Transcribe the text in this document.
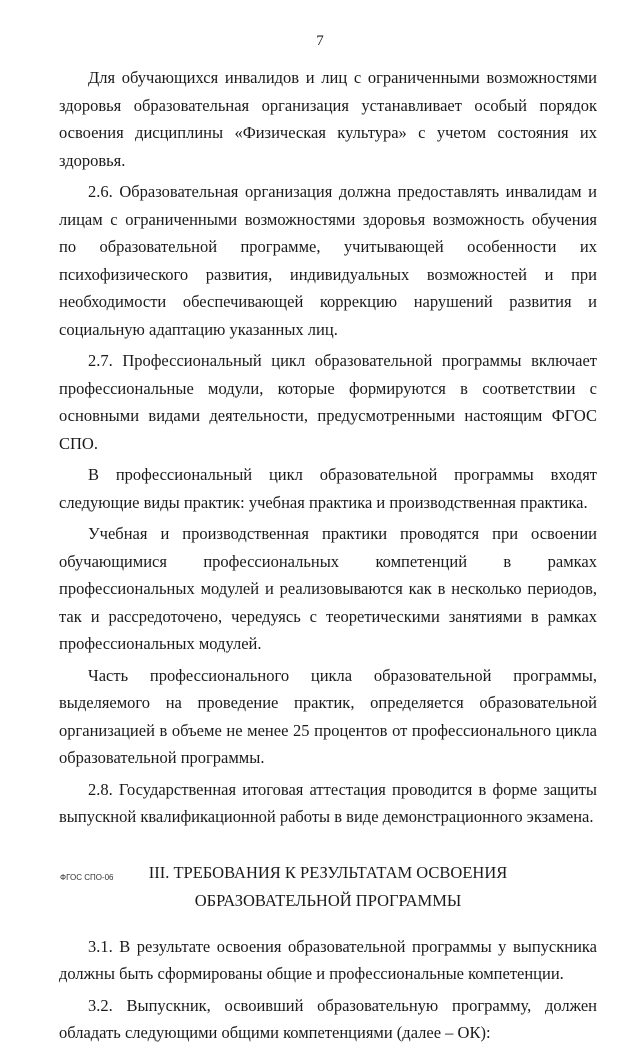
7

Для обучающихся инвалидов и лиц с ограниченными возможностями здоровья образовательная организация устанавливает особый порядок освоения дисциплины «Физическая культура» с учетом состояния их здоровья.

2.6. Образовательная организация должна предоставлять инвалидам и лицам с ограниченными возможностями здоровья возможность обучения по образовательной программе, учитывающей особенности их психофизического развития, индивидуальных возможностей и при необходимости обеспечивающей коррекцию нарушений развития и социальную адаптацию указанных лиц.

2.7. Профессиональный цикл образовательной программы включает профессиональные модули, которые формируются в соответствии с основными видами деятельности, предусмотренными настоящим ФГОС СПО.

В профессиональный цикл образовательной программы входят следующие виды практик: учебная практика и производственная практика.

Учебная и производственная практики проводятся при освоении обучающимися профессиональных компетенций в рамках профессиональных модулей и реализовываются как в несколько периодов, так и рассредоточено, чередуясь с теоретическими занятиями в рамках профессиональных модулей.

Часть профессионального цикла образовательной программы, выделяемого на проведение практик, определяется образовательной организацией в объеме не менее 25 процентов от профессионального цикла образовательной программы.

2.8. Государственная итоговая аттестация проводится в форме защиты выпускной квалификационной работы в виде демонстрационного экзамена.

III. ТРЕБОВАНИЯ К РЕЗУЛЬТАТАМ ОСВОЕНИЯ
ОБРАЗОВАТЕЛЬНОЙ ПРОГРАММЫ

3.1. В результате освоения образовательной программы у выпускника должны быть сформированы общие и профессиональные компетенции.

3.2. Выпускник, освоивший образовательную программу, должен обладать следующими общими компетенциями (далее – ОК):

ФГОС СПО-06
